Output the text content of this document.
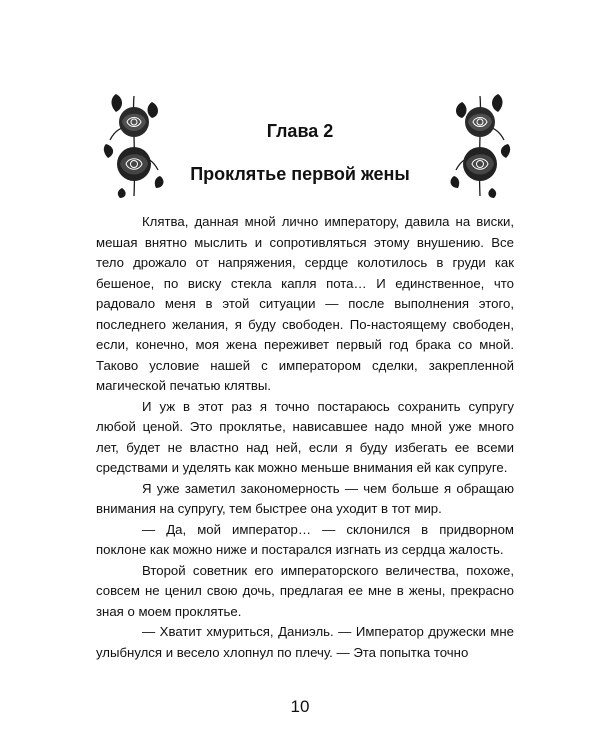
Глава 2
Проклятье первой жены

Клятва, данная мной лично императору, давила на виски, мешая внятно мыслить и сопротивляться этому внушению. Все тело дрожало от напряжения, сердце колотилось в груди как бешеное, по виску стекла капля пота… И единственное, что радовало меня в этой ситуации — после выполнения этого, последнего желания, я буду свободен. По-настоящему свободен, если, конечно, моя жена переживет первый год брака со мной. Таково условие нашей с императором сделки, закрепленной магической печатью клятвы.

И уж в этот раз я точно постараюсь сохранить супругу любой ценой. Это проклятье, нависавшее надо мной уже много лет, будет не властно над ней, если я буду избегать ее всеми средствами и уделять как можно меньше внимания ей как супруге.

Я уже заметил закономерность — чем больше я обращаю внимания на супругу, тем быстрее она уходит в тот мир.

— Да, мой император… — склонился в придворном поклоне как можно ниже и постарался изгнать из сердца жалость.

Второй советник его императорского величества, похоже, совсем не ценил свою дочь, предлагая ее мне в жены, прекрасно зная о моем проклятье.

— Хватит хмуриться, Даниэль. — Император дружески мне улыбнулся и весело хлопнул по плечу. — Эта попытка точно

10
